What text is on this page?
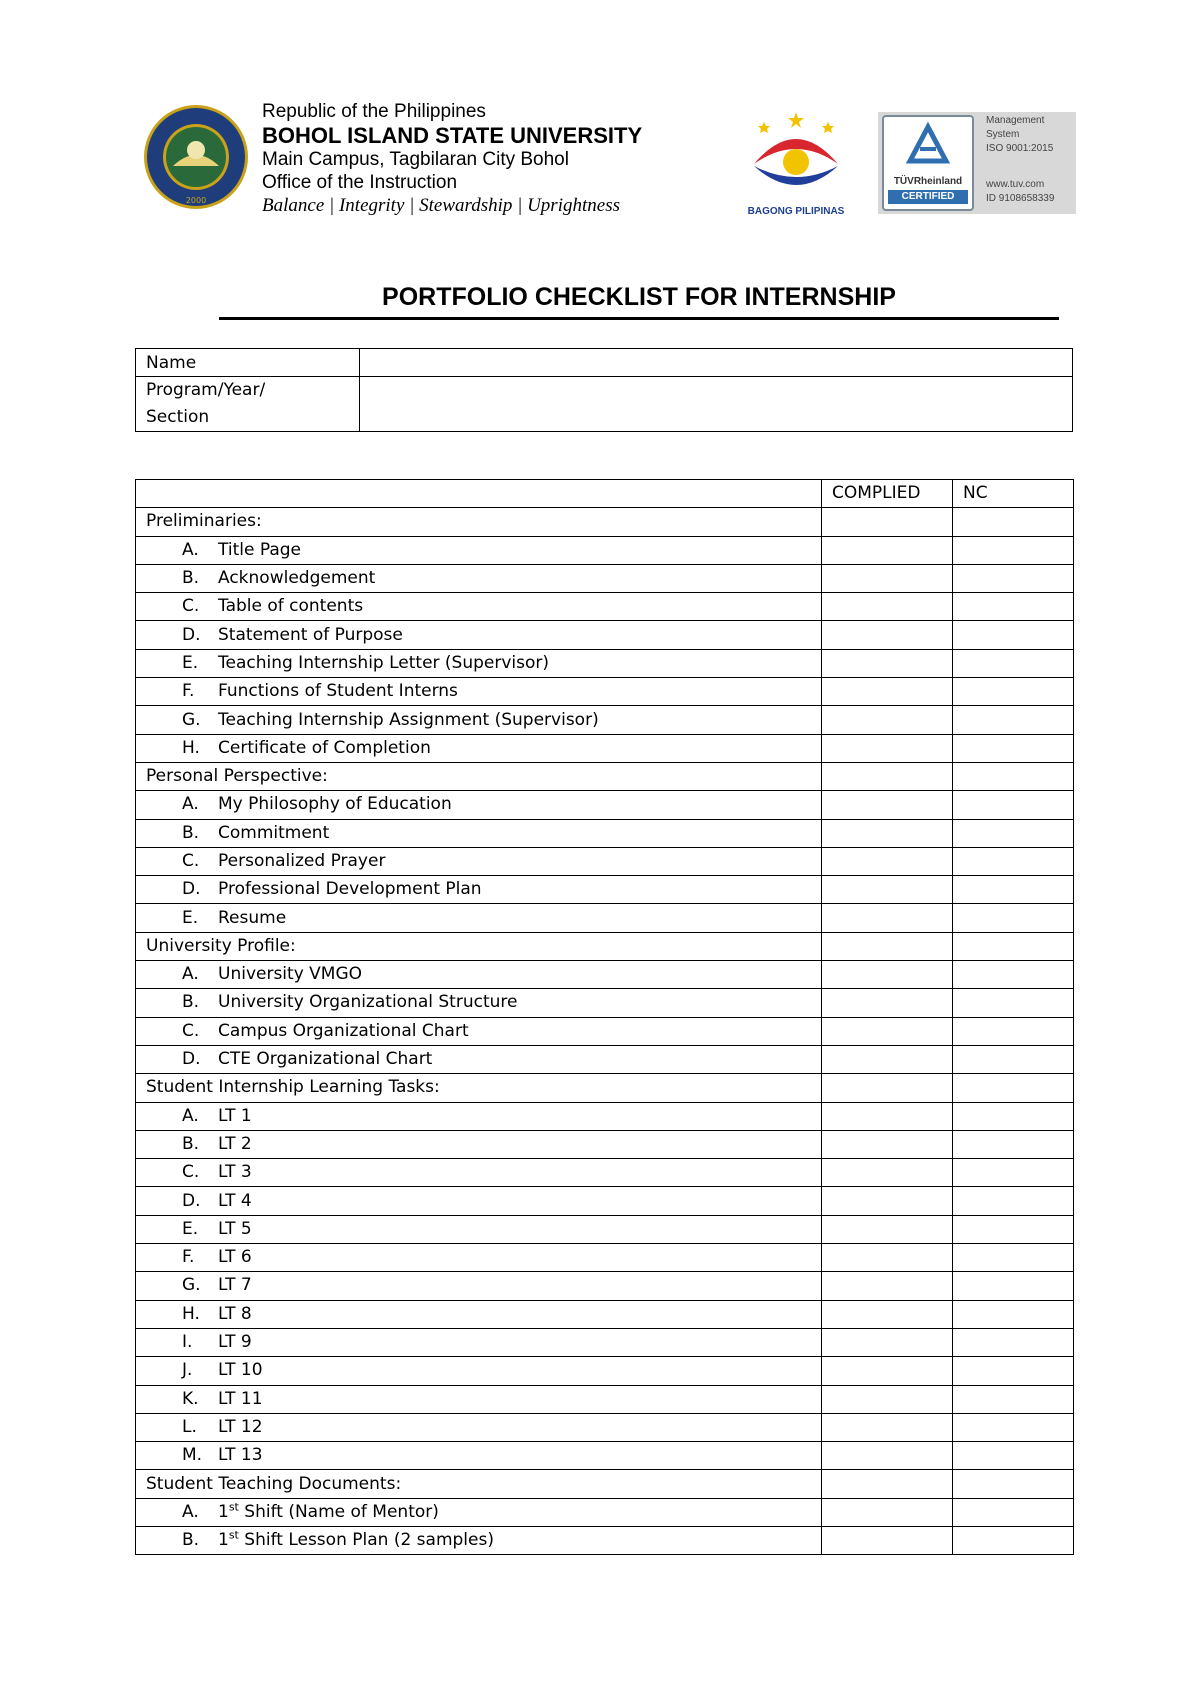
2000
Republic of the Philippines
BOHOL ISLAND STATE UNIVERSITY
Main Campus, Tagbilaran City Bohol
Office of the Instruction
Balance | Integrity | Stewardship | Uprightness	BAGONG PILIPINAS
TÜVRheinland
CERTIFIED
Management
System
ISO 9001:2015
www.tuv.com
ID 9108658339
PORTFOLIO CHECKLIST FOR INTERNSHIP
Name	
Program/Year/
Section	
	COMPLIED	NC
Preliminaries:		
A. Title Page		
B. Acknowledgement		
C. Table of contents		
D. Statement of Purpose		
E. Teaching Internship Letter (Supervisor)		
F. Functions of Student Interns		
G. Teaching Internship Assignment (Supervisor)		
H. Certificate of Completion		
Personal Perspective:		
A. My Philosophy of Education		
B. Commitment		
C. Personalized Prayer		
D. Professional Development Plan		
E. Resume		
University Profile:		
A. University VMGO		
B. University Organizational Structure		
C. Campus Organizational Chart		
D. CTE Organizational Chart		
Student Internship Learning Tasks:		
A. LT 1		
B. LT 2		
C. LT 3		
D. LT 4		
E. LT 5		
F. LT 6		
G. LT 7		
H. LT 8		
I. LT 9		
J. LT 10		
K. LT 11		
L. LT 12		
M. LT 13		
Student Teaching Documents:		
A. 1st Shift (Name of Mentor)		
B. 1st Shift Lesson Plan (2 samples)		
